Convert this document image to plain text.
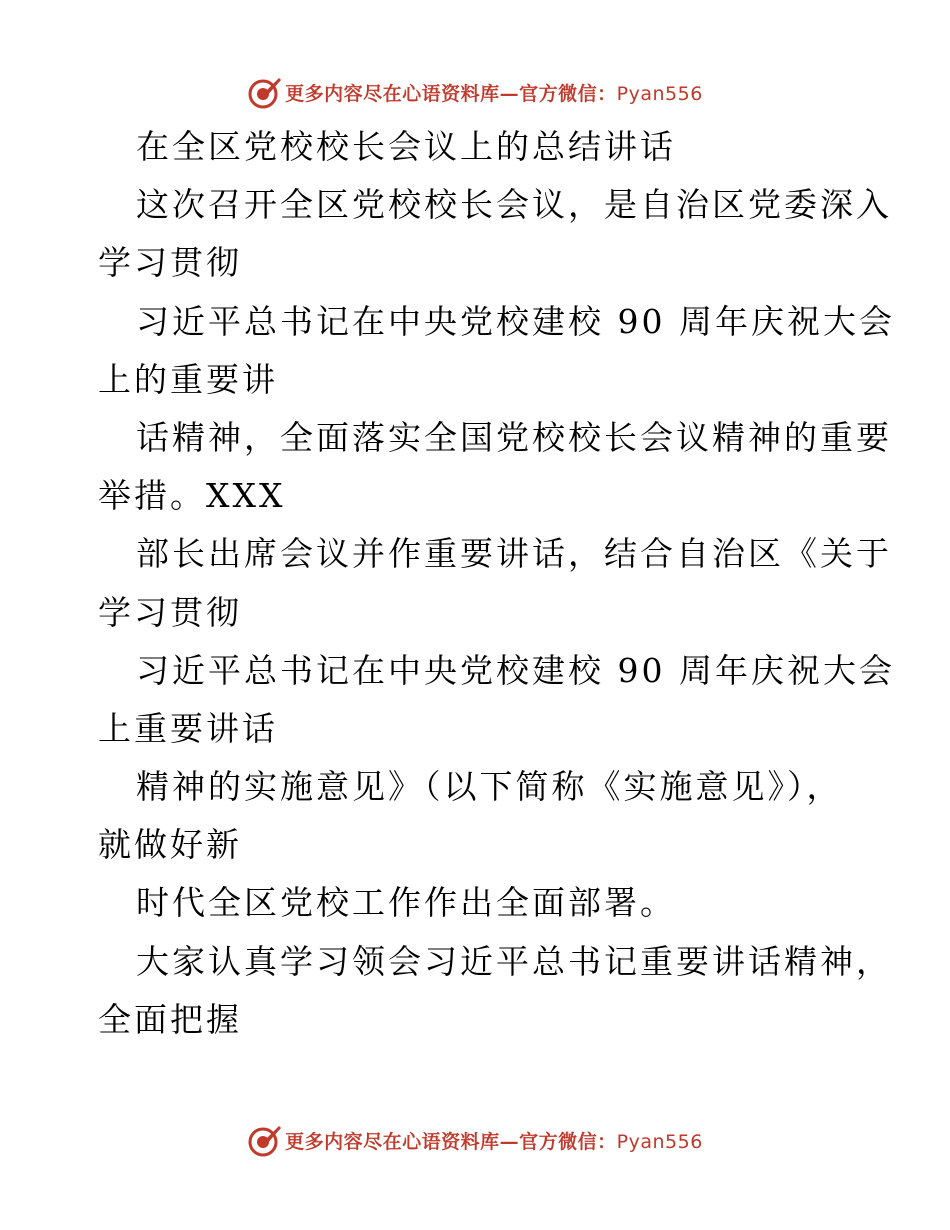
更多内容尽在心语资料库—官方微信：Pyan556
在全区党校校长会议上的总结讲话
这次召开全区党校校长会议，是自治区党委深入
学习贯彻
习近平总书记在中央党校建校 90 周年庆祝大会
上的重要讲
话精神，全面落实全国党校校长会议精神的重要
举措。XXX
部长出席会议并作重要讲话，结合自治区《关于
学习贯彻
习近平总书记在中央党校建校 90 周年庆祝大会
上重要讲话
精神的实施意见》（以下简称《实施意见》），
就做好新
时代全区党校工作作出全面部署。
大家认真学习领会习近平总书记重要讲话精神，
全面把握
更多内容尽在心语资料库—官方微信：Pyan556
